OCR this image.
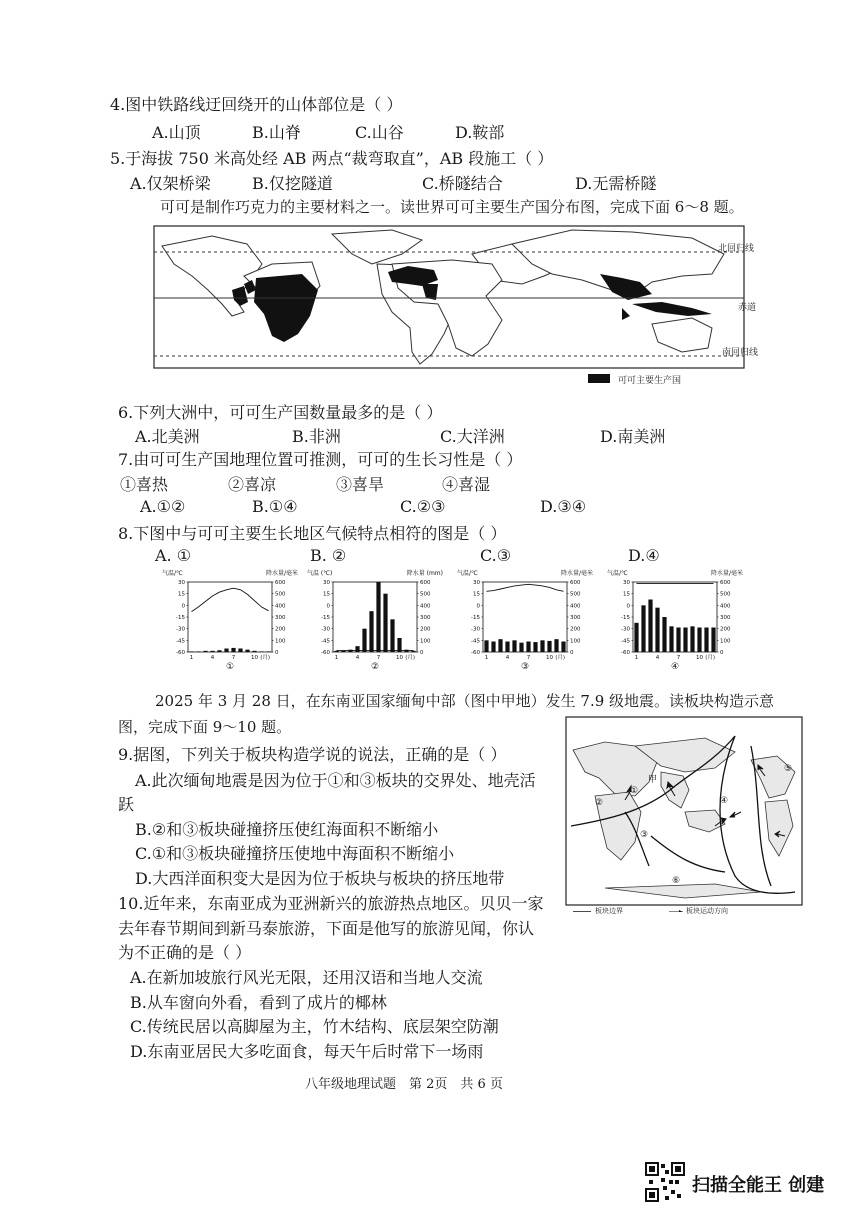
4.图中铁路线迂回绕开的山体部位是（ ）
A.山顶	B.山脊	C.山谷	D.鞍部
5.于海拔 750 米高处经 AB 两点“裁弯取直”，AB 段施工（ ）
A.仅架桥梁	B.仅挖隧道	C.桥隧结合	D.无需桥隧
可可是制作巧克力的主要材料之一。读世界可可主要生产国分布图，完成下面 6～8 题。
北回归线
赤道
南回归线
可可主要生产国
6.下列大洲中，可可生产国数量最多的是（ ）
A.北美洲	B.非洲	C.大洋洲	D.南美洲
7.由可可生产国地理位置可推测，可可的生长习性是（ ）
①喜热	②喜凉	③喜旱	④喜湿
A.①②	B.①④	C.②③	D.③④
8.下图中与可可主要生长地区气候特点相符的图是（ ）
A. ①	B. ②	C.③	D.④
气温/℃	降水量/毫米
30
15
0
-15
-30
-45
-60
600
500
400
300
200
100
0
1	4	7	10 (月)
①
气温 (℃)	降水量 (mm)
30
15
0
-15
-30
-45
-60
600
500
400
300
200
100
0
1	4	7	10 (月)
②
气温/℃	降水量/毫米
30
15
0
-15
-30
-45
-60
600
500
400
300
200
100
0
1	4	7	10 (月)
③
气温/℃	降水量/毫米
30
15
0
-15
-30
-45
-60
600
500
400
300
200
100
0
1	4	7	10 (月)
④
2025 年 3 月 28 日，在东南亚国家缅甸中部（图中甲地）发生 7.9 级地震。读板块构造示意
图，完成下面 9～10 题。
9.据图，下列关于板块构造学说的说法，正确的是（ ）
A.此次缅甸地震是因为位于①和③板块的交界处、地壳活
跃
B.②和③板块碰撞挤压使红海面积不断缩小
C.①和③板块碰撞挤压使地中海面积不断缩小
D.大西洋面积变大是因为位于板块与板块的挤压地带
10.近年来，东南亚成为亚洲新兴的旅游热点地区。贝贝一家
去年春节期间到新马泰旅游，下面是他写的旅游见闻，你认
为不正确的是（ ）
A.在新加坡旅行风光无限，还用汉语和当地人交流
B.从车窗向外看，看到了成片的椰林
C.传统民居以高脚屋为主，竹木结构、底层架空防潮
D.东南亚居民大多吃面食，每天午后时常下一场雨
①
②
③
④
⑤
⑥
甲
板块边界	板块运动方向
八年级地理试题　第 2页　共 6 页
扫描全能王 创建
